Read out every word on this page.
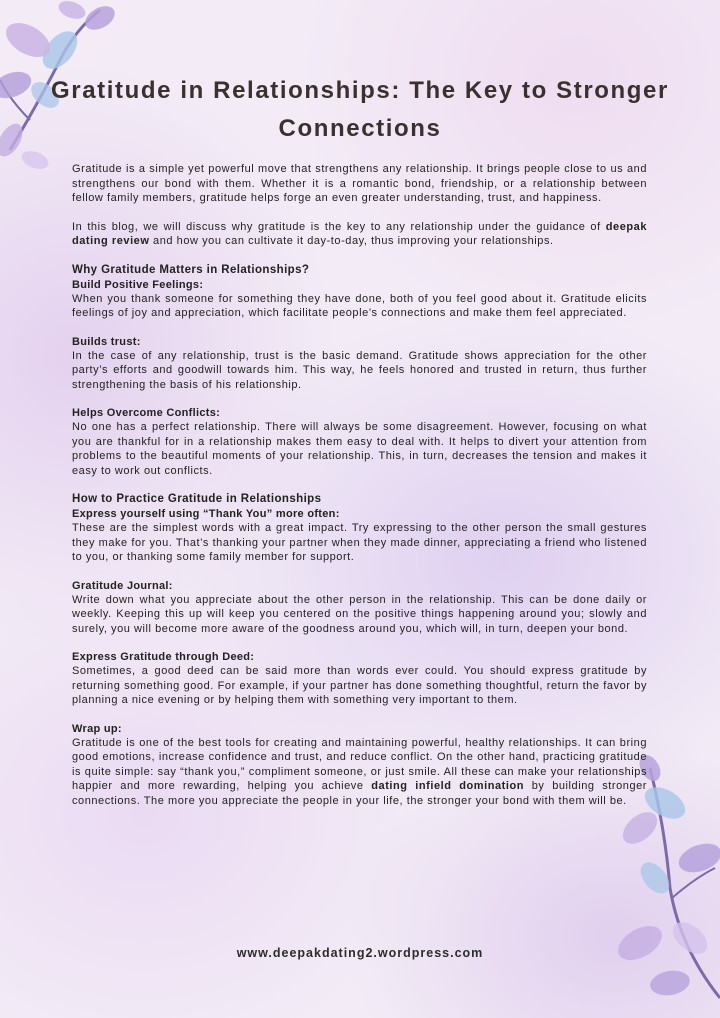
Gratitude in Relationships: The Key to Stronger Connections

Gratitude is a simple yet powerful move that strengthens any relationship. It brings people close to us and strengthens our bond with them. Whether it is a romantic bond, friendship, or a relationship between fellow family members, gratitude helps forge an even greater understanding, trust, and happiness.

In this blog, we will discuss why gratitude is the key to any relationship under the guidance of deepak dating review and how you can cultivate it day-to-day, thus improving your relationships.

Why Gratitude Matters in Relationships?
Build Positive Feelings:

When you thank someone for something they have done, both of you feel good about it. Gratitude elicits feelings of joy and appreciation, which facilitate people’s connections and make them feel appreciated.

Builds trust:

In the case of any relationship, trust is the basic demand. Gratitude shows appreciation for the other party’s efforts and goodwill towards him. This way, he feels honored and trusted in return, thus further strengthening the basis of his relationship.

Helps Overcome Conflicts:

No one has a perfect relationship. There will always be some disagreement. However, focusing on what you are thankful for in a relationship makes them easy to deal with. It helps to divert your attention from problems to the beautiful moments of your relationship. This, in turn, decreases the tension and makes it easy to work out conflicts.

How to Practice Gratitude in Relationships
Express yourself using “Thank You” more often:

These are the simplest words with a great impact. Try expressing to the other person the small gestures they make for you. That’s thanking your partner when they made dinner, appreciating a friend who listened to you, or thanking some family member for support.

Gratitude Journal:

Write down what you appreciate about the other person in the relationship. This can be done daily or weekly. Keeping this up will keep you centered on the positive things happening around you; slowly and surely, you will become more aware of the goodness around you, which will, in turn, deepen your bond.

Express Gratitude through Deed:

Sometimes, a good deed can be said more than words ever could. You should express gratitude by returning something good. For example, if your partner has done something thoughtful, return the favor by planning a nice evening or by helping them with something very important to them.

Wrap up:

Gratitude is one of the best tools for creating and maintaining powerful, healthy relationships. It can bring good emotions, increase confidence and trust, and reduce conflict. On the other hand, practicing gratitude is quite simple: say “thank you,” compliment someone, or just smile. All these can make your relationships happier and more rewarding, helping you achieve dating infield domination by building stronger connections. The more you appreciate the people in your life, the stronger your bond with them will be.

www.deepakdating2.wordpress.com
